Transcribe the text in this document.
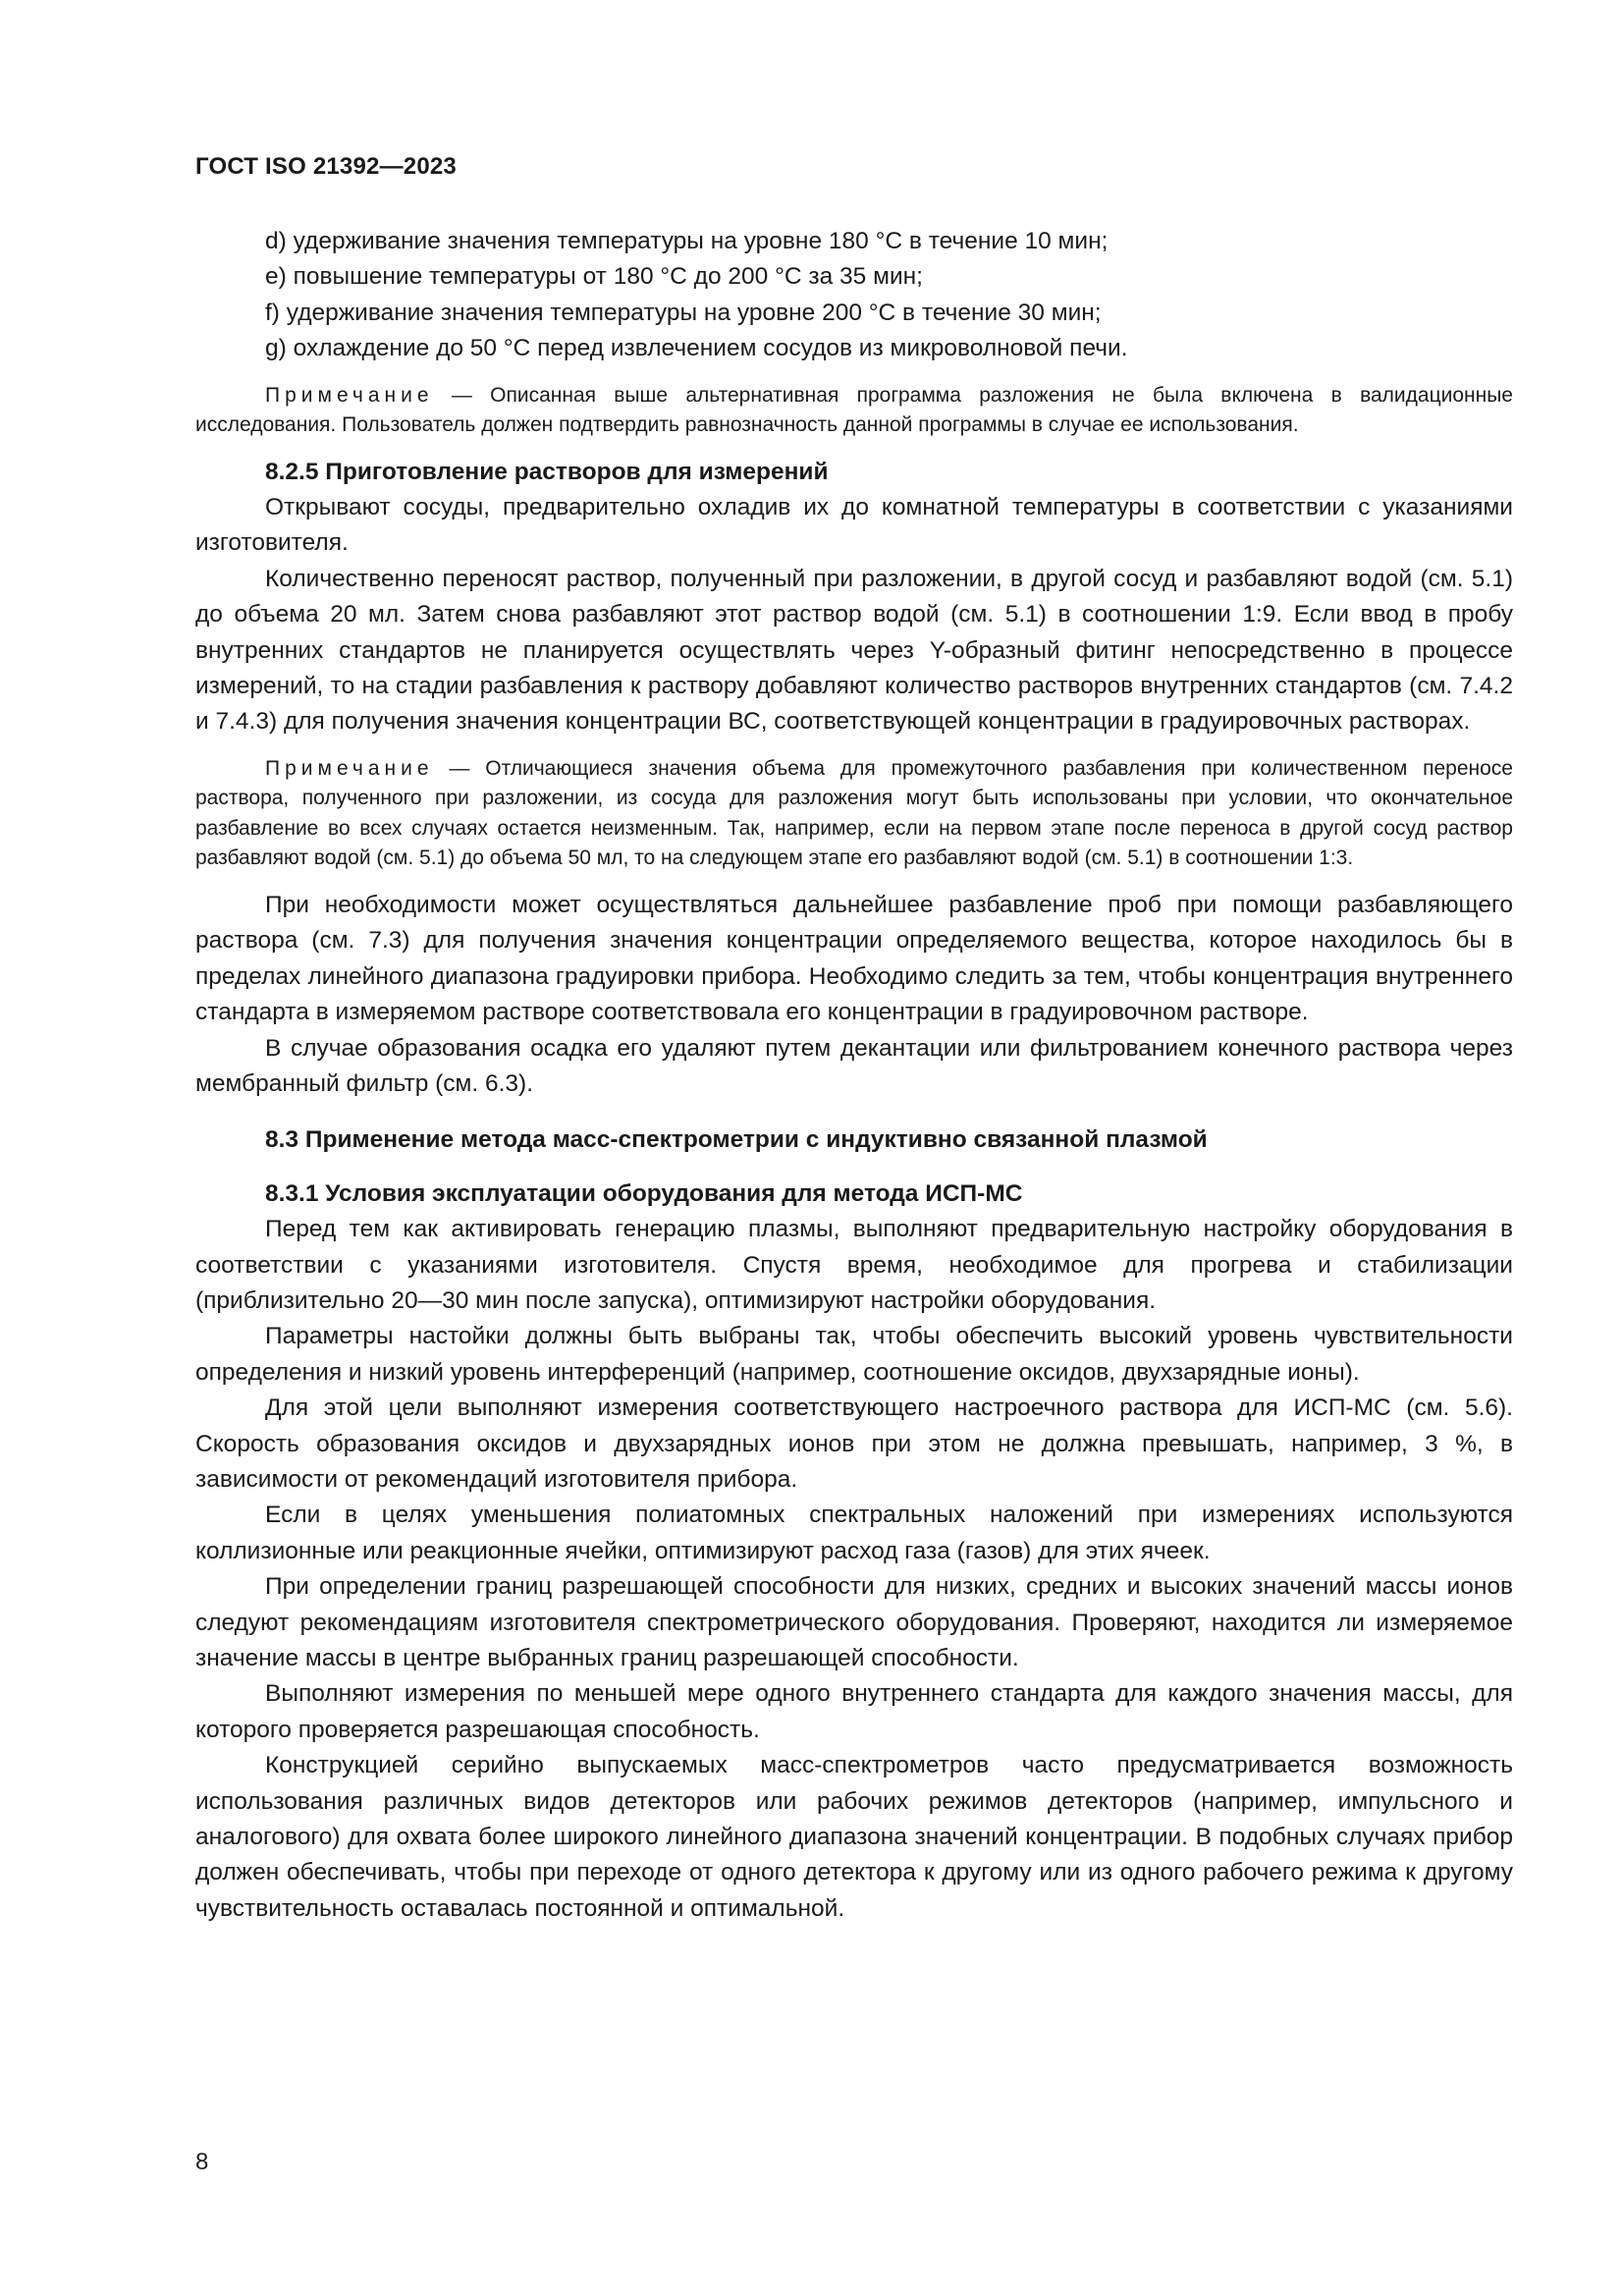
ГОСТ ISO 21392—2023

d) удерживание значения температуры на уровне 180 °С в течение 10 мин;

e) повышение температуры от 180 °С до 200 °С за 35 мин;

f) удерживание значения температуры на уровне 200 °С в течение 30 мин;

g) охлаждение до 50 °С перед извлечением сосудов из микроволновой печи.

Примечание — Описанная выше альтернативная программа разложения не была включена в валидационные исследования. Пользователь должен подтвердить равнозначность данной программы в случае ее использования.

8.2.5 Приготовление растворов для измерений

Открывают сосуды, предварительно охладив их до комнатной температуры в соответствии с указаниями изготовителя.

Количественно переносят раствор, полученный при разложении, в другой сосуд и разбавляют водой (см. 5.1) до объема 20 мл. Затем снова разбавляют этот раствор водой (см. 5.1) в соотношении 1:9. Если ввод в пробу внутренних стандартов не планируется осуществлять через Y-образный фитинг непосредственно в процессе измерений, то на стадии разбавления к раствору добавляют количество растворов внутренних стандартов (см. 7.4.2 и 7.4.3) для получения значения концентрации ВС, соответствующей концентрации в градуировочных растворах.

Примечание — Отличающиеся значения объема для промежуточного разбавления при количественном переносе раствора, полученного при разложении, из сосуда для разложения могут быть использованы при условии, что окончательное разбавление во всех случаях остается неизменным. Так, например, если на первом этапе после переноса в другой сосуд раствор разбавляют водой (см. 5.1) до объема 50 мл, то на следующем этапе его разбавляют водой (см. 5.1) в соотношении 1:3.

При необходимости может осуществляться дальнейшее разбавление проб при помощи разбавляющего раствора (см. 7.3) для получения значения концентрации определяемого вещества, которое находилось бы в пределах линейного диапазона градуировки прибора. Необходимо следить за тем, чтобы концентрация внутреннего стандарта в измеряемом растворе соответствовала его концентрации в градуировочном растворе.

В случае образования осадка его удаляют путем декантации или фильтрованием конечного раствора через мембранный фильтр (см. 6.3).

8.3 Применение метода масс-спектрометрии с индуктивно связанной плазмой

8.3.1 Условия эксплуатации оборудования для метода ИСП-МС

Перед тем как активировать генерацию плазмы, выполняют предварительную настройку оборудования в соответствии с указаниями изготовителя. Спустя время, необходимое для прогрева и стабилизации (приблизительно 20—30 мин после запуска), оптимизируют настройки оборудования.

Параметры настойки должны быть выбраны так, чтобы обеспечить высокий уровень чувствительности определения и низкий уровень интерференций (например, соотношение оксидов, двухзарядные ионы).

Для этой цели выполняют измерения соответствующего настроечного раствора для ИСП-МС (см. 5.6). Скорость образования оксидов и двухзарядных ионов при этом не должна превышать, например, 3 %, в зависимости от рекомендаций изготовителя прибора.

Если в целях уменьшения полиатомных спектральных наложений при измерениях используются коллизионные или реакционные ячейки, оптимизируют расход газа (газов) для этих ячеек.

При определении границ разрешающей способности для низких, средних и высоких значений массы ионов следуют рекомендациям изготовителя спектрометрического оборудования. Проверяют, находится ли измеряемое значение массы в центре выбранных границ разрешающей способности.

Выполняют измерения по меньшей мере одного внутреннего стандарта для каждого значения массы, для которого проверяется разрешающая способность.

Конструкцией серийно выпускаемых масс-спектрометров часто предусматривается возможность использования различных видов детекторов или рабочих режимов детекторов (например, импульсного и аналогового) для охвата более широкого линейного диапазона значений концентрации. В подобных случаях прибор должен обеспечивать, чтобы при переходе от одного детектора к другому или из одного рабочего режима к другому чувствительность оставалась постоянной и оптимальной.

8
